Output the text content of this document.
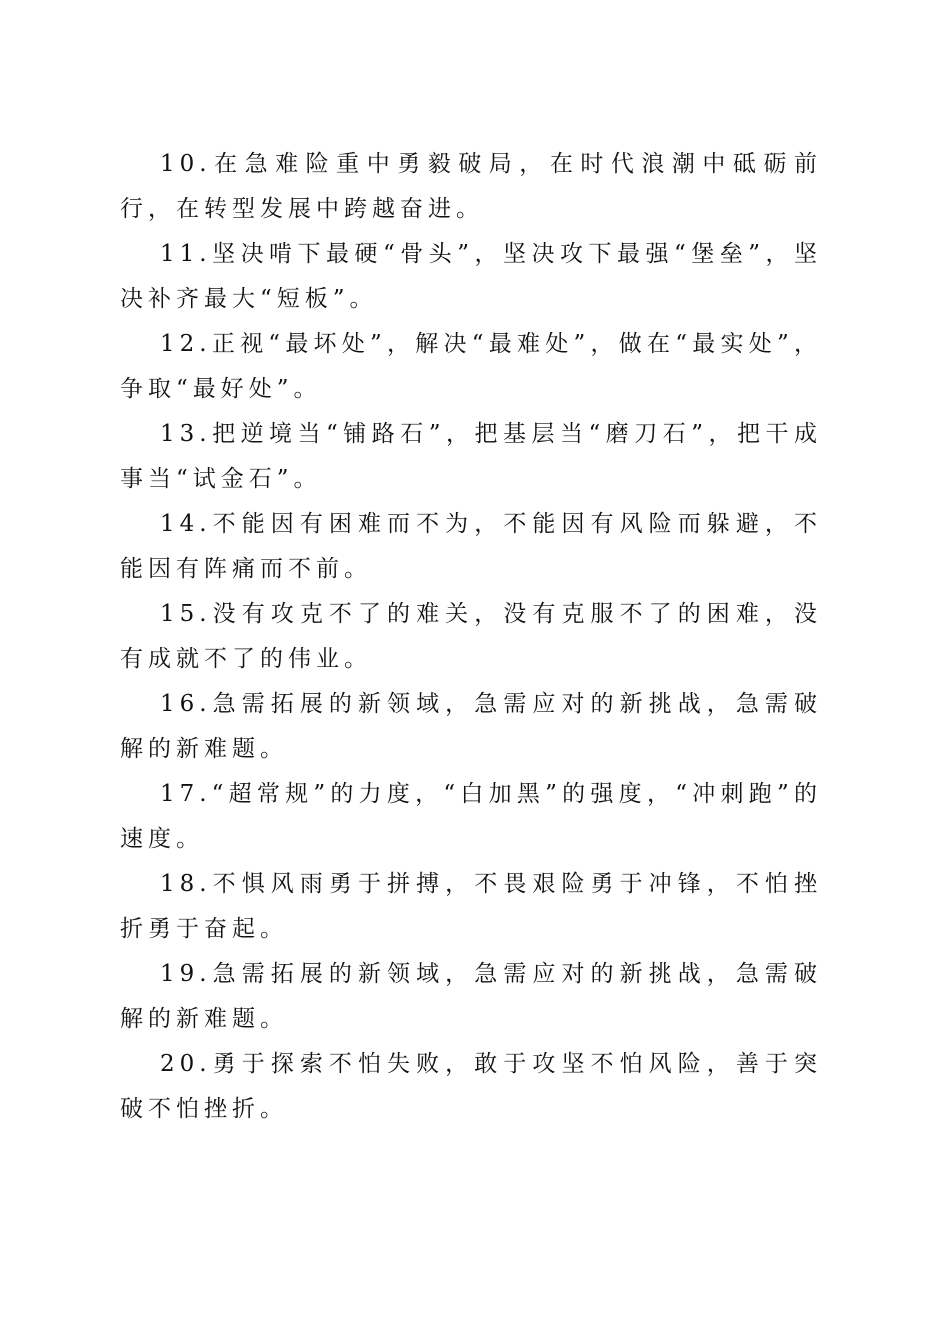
10.在急难险重中勇毅破局，在时代浪潮中砥砺前行，在转型发展中跨越奋进。

11.坚决啃下最硬“骨头”，坚决攻下最强“堡垒”，坚决补齐最大“短板”。

12.正视“最坏处”，解决“最难处”，做在“最实处”，争取“最好处”。

13.把逆境当“铺路石”，把基层当“磨刀石”，把干成事当“试金石”。

14.不能因有困难而不为，不能因有风险而躲避，不能因有阵痛而不前。

15.没有攻克不了的难关，没有克服不了的困难，没有成就不了的伟业。

16.急需拓展的新领域，急需应对的新挑战，急需破解的新难题。

17.“超常规”的力度，“白加黑”的强度，“冲刺跑”的速度。

18.不惧风雨勇于拼搏，不畏艰险勇于冲锋，不怕挫折勇于奋起。

19.急需拓展的新领域，急需应对的新挑战，急需破解的新难题。

20.勇于探索不怕失败，敢于攻坚不怕风险，善于突破不怕挫折。
